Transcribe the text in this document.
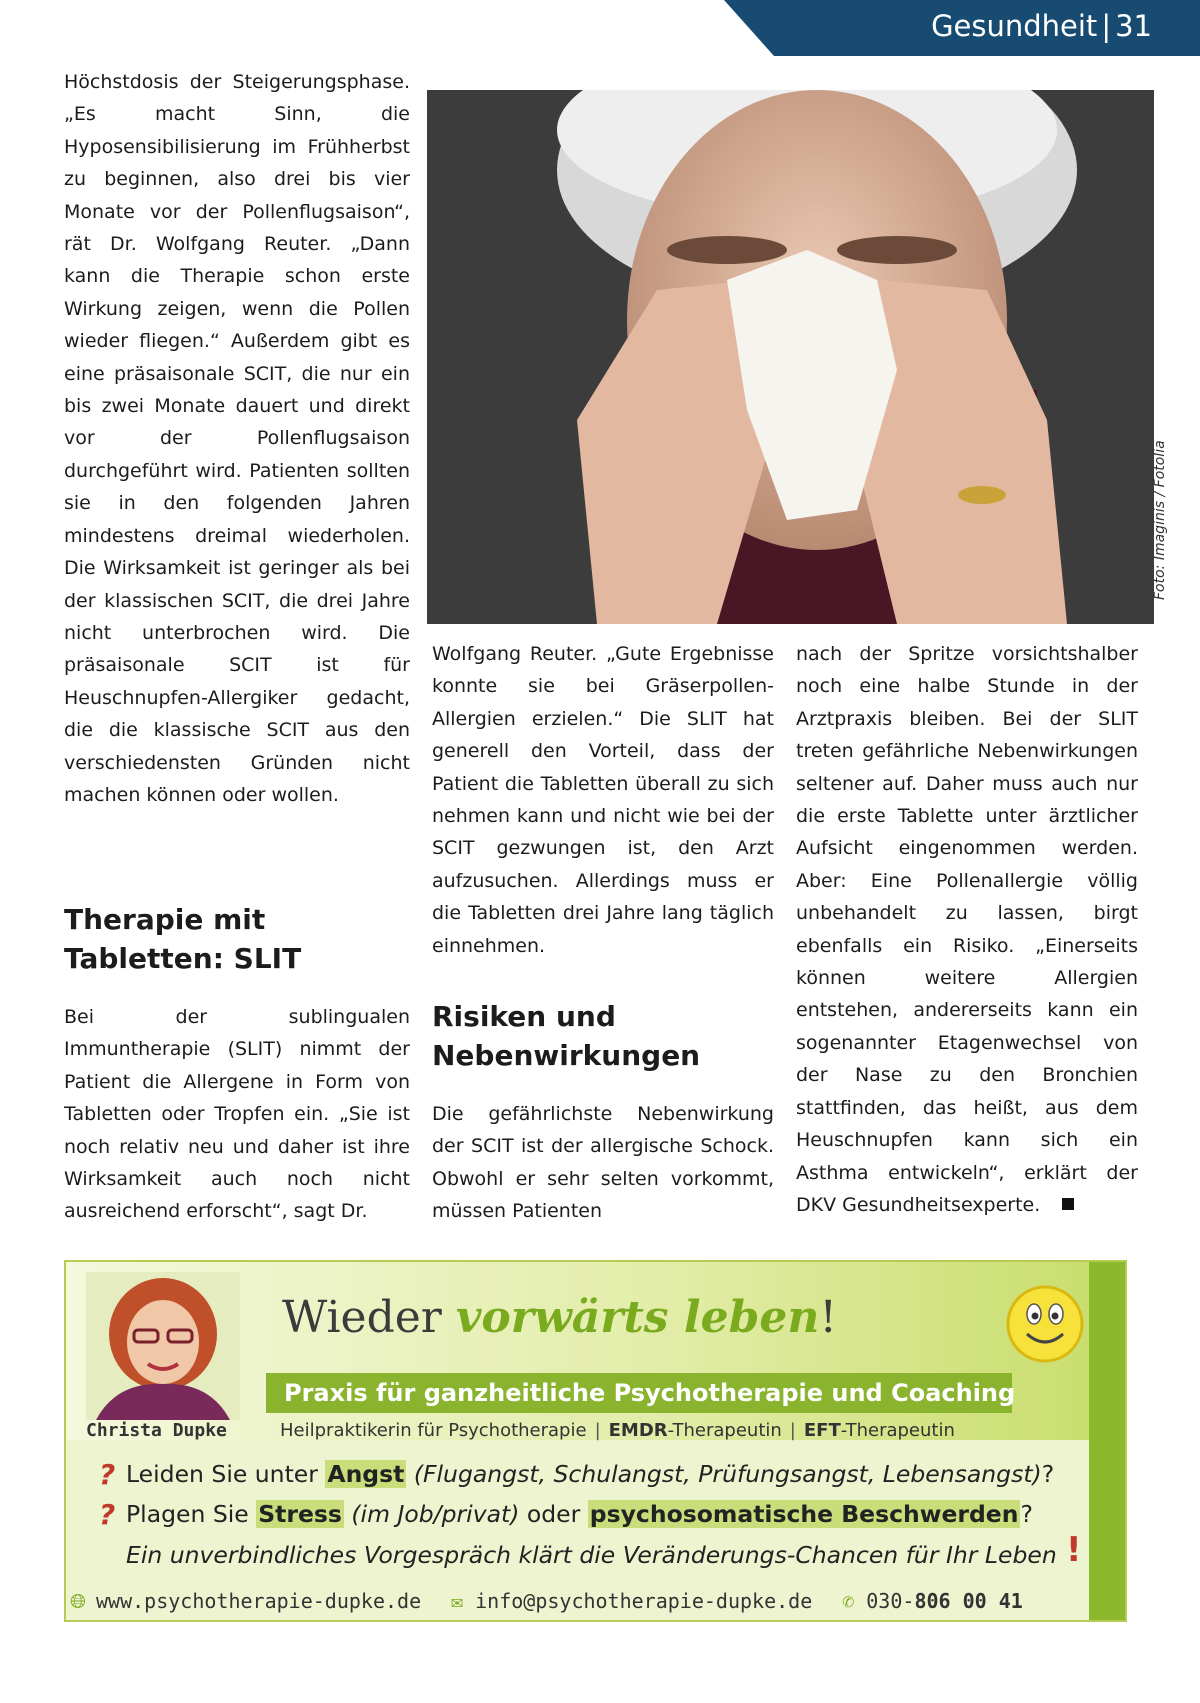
Gesundheit | 31

Höchstdosis der Steigerungsphase. „Es macht Sinn, die Hyposensibilisierung im Frühherbst zu beginnen, also drei bis vier Monate vor der Pollenflugsaison“, rät Dr. Wolfgang Reuter. „Dann kann die Therapie schon erste Wirkung zeigen, wenn die Pollen wieder fliegen.“ Außerdem gibt es eine präsaisonale SCIT, die nur ein bis zwei Monate dauert und direkt vor der Pollenflugsaison durchgeführt wird. Patienten sollten sie in den folgenden Jahren mindestens dreimal wiederholen. Die Wirksamkeit ist geringer als bei der klassischen SCIT, die drei Jahre nicht unterbrochen wird. Die präsaisonale SCIT ist für Heuschnupfen-Allergiker gedacht, die die klassische SCIT aus den verschiedensten Gründen nicht machen können oder wollen.

Therapie mit Tabletten: SLIT

Bei der sublingualen Immuntherapie (SLIT) nimmt der Patient die Allergene in Form von Tabletten oder Tropfen ein. „Sie ist noch relativ neu und daher ist ihre Wirksamkeit auch noch nicht ausreichend erforscht“, sagt Dr.

Foto: Imaginis / Fotolia

Wolfgang Reuter. „Gute Ergebnisse konnte sie bei Gräserpollen-Allergien erzielen.“ Die SLIT hat generell den Vorteil, dass der Patient die Tabletten überall zu sich nehmen kann und nicht wie bei der SCIT gezwungen ist, den Arzt aufzusuchen. Allerdings muss er die Tabletten drei Jahre lang täglich einnehmen.

Risiken und Nebenwirkungen

Die gefährlichste Nebenwirkung der SCIT ist der allergische Schock. Obwohl er sehr selten vorkommt, müssen Patienten

nach der Spritze vorsichtshalber noch eine halbe Stunde in der Arztpraxis bleiben. Bei der SLIT treten gefährliche Nebenwirkungen seltener auf. Daher muss auch nur die erste Tablette unter ärztlicher Aufsicht eingenommen werden. Aber: Eine Pollenallergie völlig unbehandelt zu lassen, birgt ebenfalls ein Risiko. „Einerseits können weitere Allergien entstehen, andererseits kann ein sogenannter Etagenwechsel von der Nase zu den Bronchien stattfinden, das heißt, aus dem Heuschnupfen kann sich ein Asthma entwickeln“, erklärt der DKV Gesundheitsexperte.

Berlin-Schlachtensee
Christa Dupke
Wieder vorwärts leben!
Praxis für ganzheitliche Psychotherapie und Coaching
Heilpraktikerin für Psychotherapie | EMDR-Therapeutin | EFT-Therapeutin
? Leiden Sie unter Angst (Flugangst, Schulangst, Prüfungsangst, Lebensangst)?
? Plagen Sie Stress (im Job/privat) oder psychosomatische Beschwerden?
Ein unverbindliches Vorgespräch klärt die Veränderungs-Chancen für Ihr Leben !
🌐︎ www.psychotherapie-dupke.de ✉ info@psychotherapie-dupke.de ✆ 030-806 00 41
